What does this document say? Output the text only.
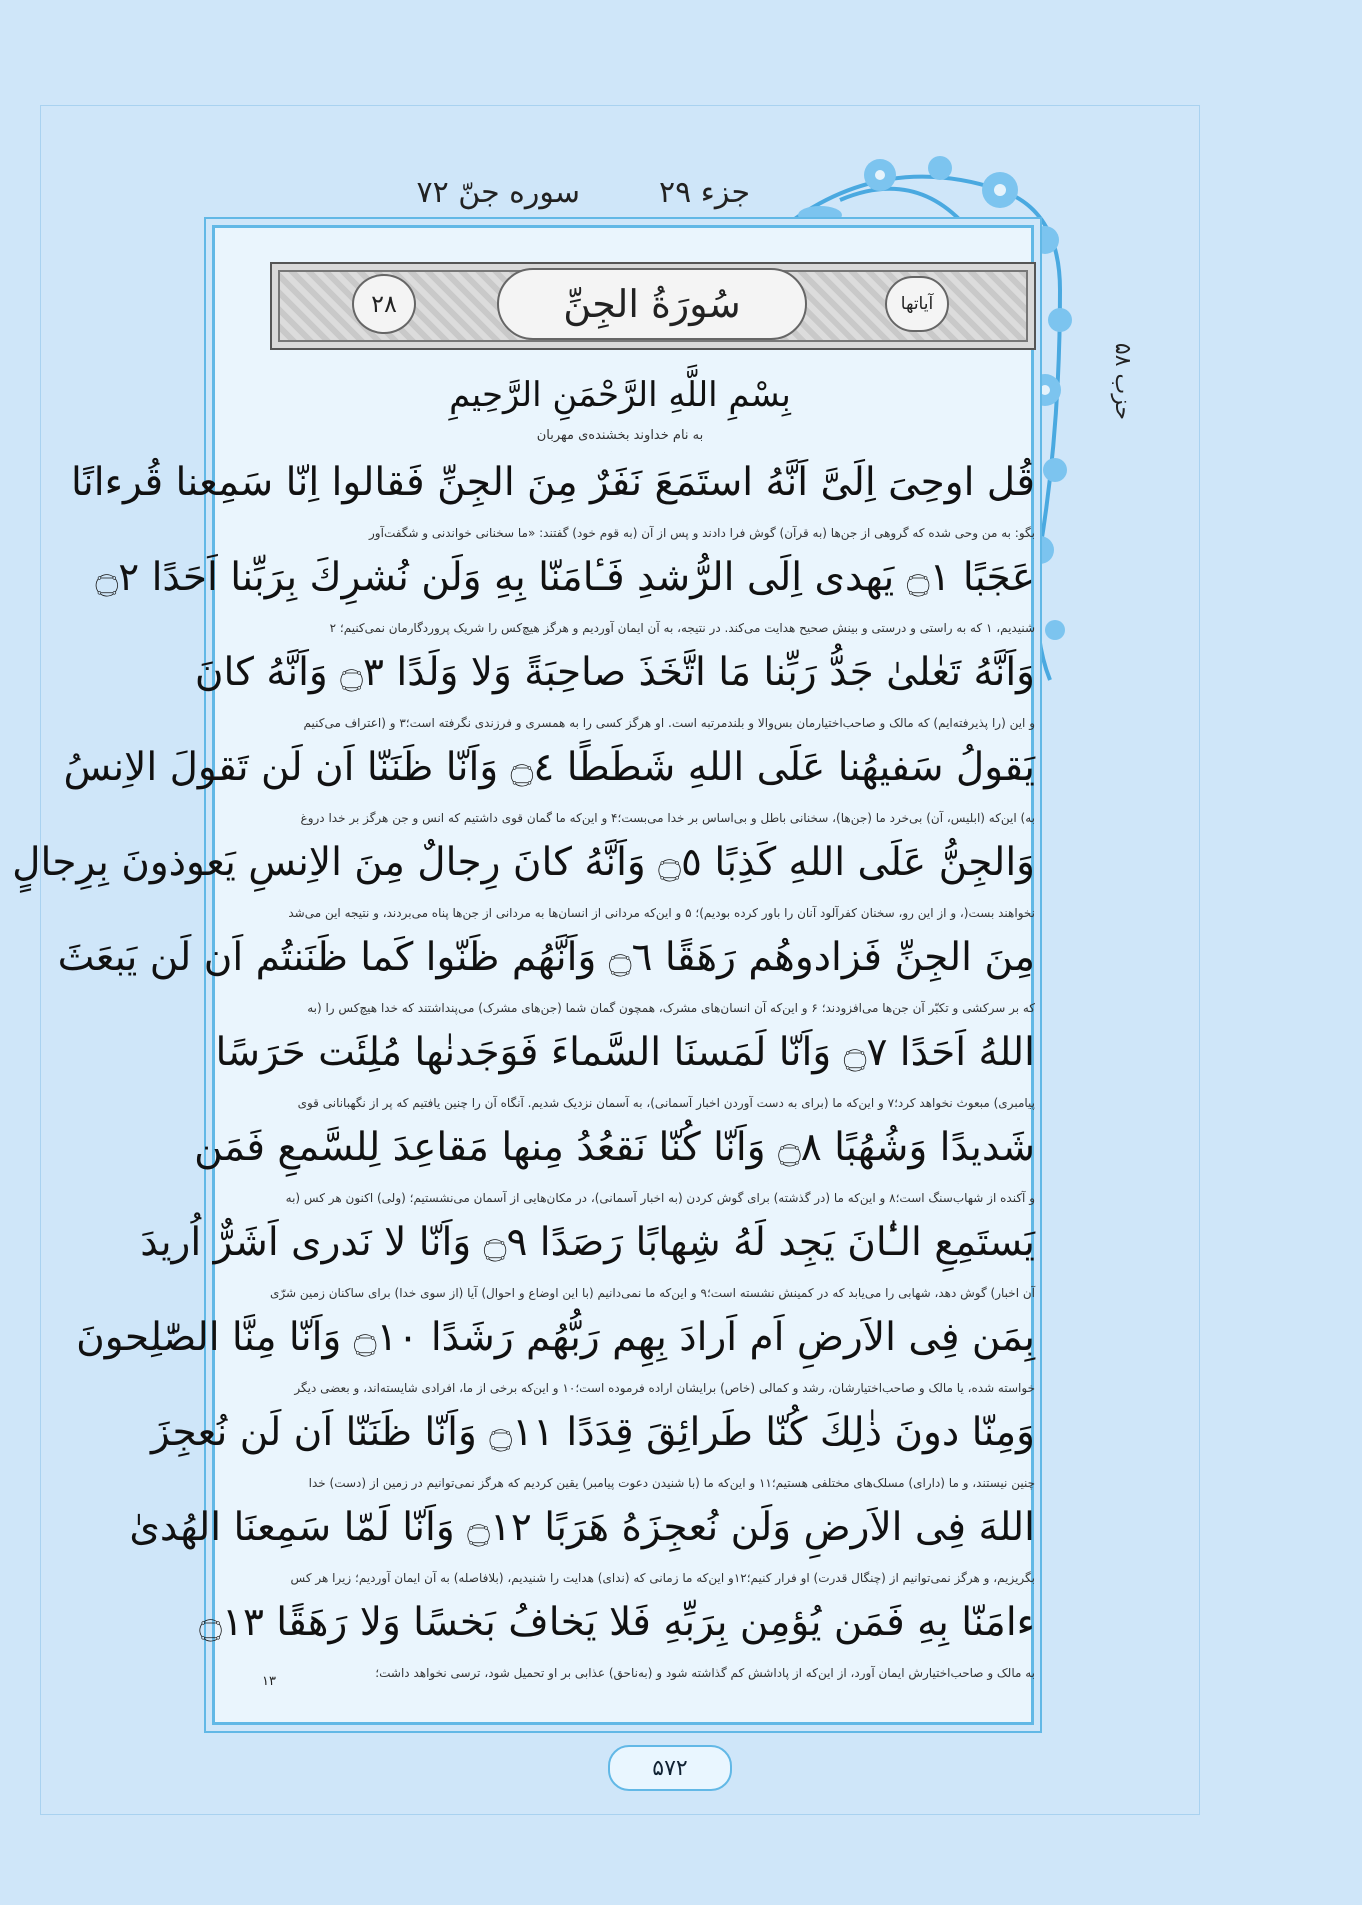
جزء ۲۹
سوره جنّ ۷۲
حزب ۵۸
۲۸	سُورَةُ الجِنِّ	آیاتها
بِسْمِ اللَّهِ الرَّحْمَنِ الرَّحِيمِ
به نام خداوند بخشنده‌ی مهربان
قُل اوحِىَ اِلَىَّ اَنَّهُ استَمَعَ نَفَرٌ مِنَ الجِنِّ فَقالوا اِنّا سَمِعنا قُرءانًا
بگو: به من وحی شده که گروهی از جن‌ها (به قرآن) گوش فرا دادند و پس از آن (به قوم خود) گفتند: «ما سخنانی خواندنی و شگفت‌آور
عَجَبًا ۝١ يَهدى اِلَى الرُّشدِ فَـٔامَنّا بِهِ وَلَن نُشرِكَ بِرَبِّنا اَحَدًا ۝٢
شنیدیم، ۱ که به راستی و درستی و بینش صحیح هدایت می‌کند. در نتیجه، به آن ایمان آوردیم و هرگز هیچ‌کس را شریک پروردگارمان نمی‌کنیم؛ ۲
وَاَنَّهُ تَعٰلىٰ جَدُّ رَبِّنا مَا اتَّخَذَ صاحِبَةً وَلا وَلَدًا ۝٣ وَاَنَّهُ كانَ
و این (را پذیرفته‌ایم) که مالک و صاحب‌اختیارمان بس‌والا و بلندمرتبه است. او هرگز کسی را به همسری و فرزندی نگرفته است؛۳ و (اعتراف می‌کنیم
يَقولُ سَفيهُنا عَلَى اللهِ شَطَطًا ۝٤ وَاَنّا ظَنَنّا اَن لَن تَقولَ الاِنسُ
به) این‌که (ابلیس، آن) بی‌خرد ما (جن‌ها)، سخنانی باطل و بی‌اساس بر خدا می‌بست؛۴ و این‌که ما گمان قوی داشتیم که انس و جن هرگز بر خدا دروغ
وَالجِنُّ عَلَى اللهِ كَذِبًا ۝٥ وَاَنَّهُ كانَ رِجالٌ مِنَ الاِنسِ يَعوذونَ بِرِجالٍ
نخواهند بست(، و از این رو، سخنان کفرآلود آنان را باور کرده بودیم)؛ ۵ و این‌که مردانی از انسان‌ها به مردانی از جن‌ها پناه می‌بردند، و نتیجه این می‌شد
مِنَ الجِنِّ فَزادوهُم رَهَقًا ۝٦ وَاَنَّهُم ظَنّوا كَما ظَنَنتُم اَن لَن يَبعَثَ
که بر سرکشی و تکبّر آن جن‌ها می‌افزودند؛ ۶ و این‌که آن انسان‌های مشرک، همچون گمان شما (جن‌های مشرک) می‌پنداشتند که خدا هیچ‌کس را (به
اللهُ اَحَدًا ۝٧ وَاَنّا لَمَسنَا السَّماءَ فَوَجَدنٰها مُلِئَت حَرَسًا
پیامبری) مبعوث نخواهد کرد؛۷ و این‌که ما (برای به دست آوردن اخبار آسمانی)، به آسمان نزدیک شدیم. آنگاه آن را چنین یافتیم که پر از نگهبانانی قوی
شَديدًا وَشُهُبًا ۝٨ وَاَنّا كُنّا نَقعُدُ مِنها مَقاعِدَ لِلسَّمعِ فَمَن
و آکنده از شهاب‌سنگ است؛۸ و این‌که ما (در گذشته) برای گوش کردن (به اخبار آسمانی)، در مکان‌هایی از آسمان می‌نشستیم؛ (ولی) اکنون هر کس (به
يَستَمِعِ الـٰٔانَ يَجِد لَهُ شِهابًا رَصَدًا ۝٩ وَاَنّا لا نَدرى اَشَرٌّ اُريدَ
آن اخبار) گوش دهد، شهابی را می‌یابد که در کمینش نشسته است؛۹ و این‌که ما نمی‌دانیم (با این اوضاع و احوال) آیا (از سوی خدا) برای ساکنان زمین شرّی
بِمَن فِى الاَرضِ اَم اَرادَ بِهِم رَبُّهُم رَشَدًا ۝١٠ وَاَنّا مِنَّا الصّٰلِحونَ
خواسته شده، یا مالک و صاحب‌اختیارشان، رشد و کمالی (خاص) برایشان اراده فرموده است؛۱۰ و این‌که برخی از ما، افرادی شایسته‌اند، و بعضی دیگر
وَمِنّا دونَ ذٰلِكَ كُنّا طَرائِقَ قِدَدًا ۝١١ وَاَنّا ظَنَنّا اَن لَن نُعجِزَ
چنین نیستند، و ما (دارای) مسلک‌های مختلفی هستیم؛۱۱ و این‌که ما (با شنیدن دعوت پیامبر) یقین کردیم که هرگز نمی‌توانیم در زمین از (دست) خدا
اللهَ فِى الاَرضِ وَلَن نُعجِزَهُ هَرَبًا ۝١٢ وَاَنّا لَمّا سَمِعنَا الهُدىٰ
بگریزیم، و هرگز نمی‌توانیم از (چنگال قدرت) او فرار کنیم؛۱۲و این‌که ما زمانی که (ندای) هدایت را شنیدیم، (بلافاصله) به آن ایمان آوردیم؛ زیرا هر کس
ءامَنّا بِهِ فَمَن يُؤمِن بِرَبِّهِ فَلا يَخافُ بَخسًا وَلا رَهَقًا ۝١٣
به مالک و صاحب‌اختیارش ایمان آورد، از این‌که از پاداشش کم گذاشته شود و (به‌ناحق) عذابی بر او تحمیل شود، ترسی نخواهد داشت؛
۱۳
۵۷۲
